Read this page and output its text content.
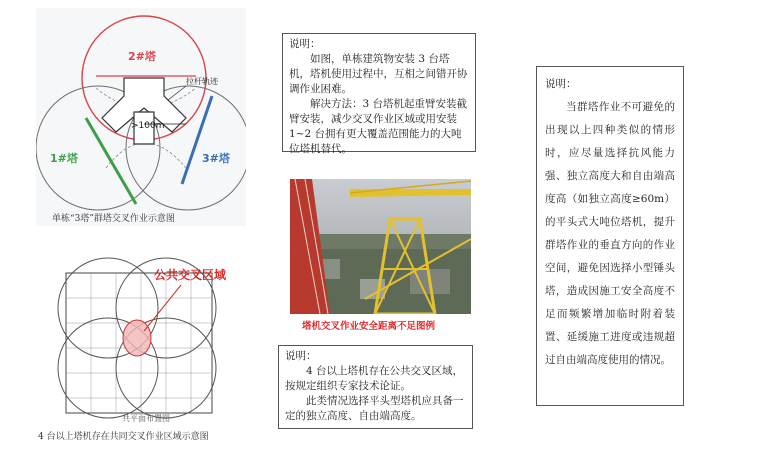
>100m
拉杆轨迹
2#塔
1#塔	3#塔
单栋“3塔”群塔交叉作业示意图
说明：

如图，单栋建筑物安装 3 台塔机，塔机使用过程中，互相之间错开协调作业困难。

解决方法：3 台塔机起重臂安装截臂安装，减少交叉作业区域或用安装 1~2 台拥有更大覆盖范围能力的大吨位塔机替代。

塔机交叉作业安全距离不足图例
公共交叉区域
共平面布置图
4 台以上塔机存在共同交叉作业区域示意图
说明：

4 台以上塔机存在公共交叉区域，按规定组织专家技术论证。

此类情况选择平头型塔机应具备一定的独立高度、自由端高度。

说明：

当群塔作业不可避免的出现以上四种类似的情形时，应尽量选择抗风能力强、独立高度大和自由端高度高（如独立高度≥60m）的平头式大吨位塔机，提升群塔作业的垂直方向的作业空间，避免因选择小型锤头塔，造成因施工安全高度不足而频繁增加临时附着装置、延缓施工进度或违规超过自由端高度使用的情况。
